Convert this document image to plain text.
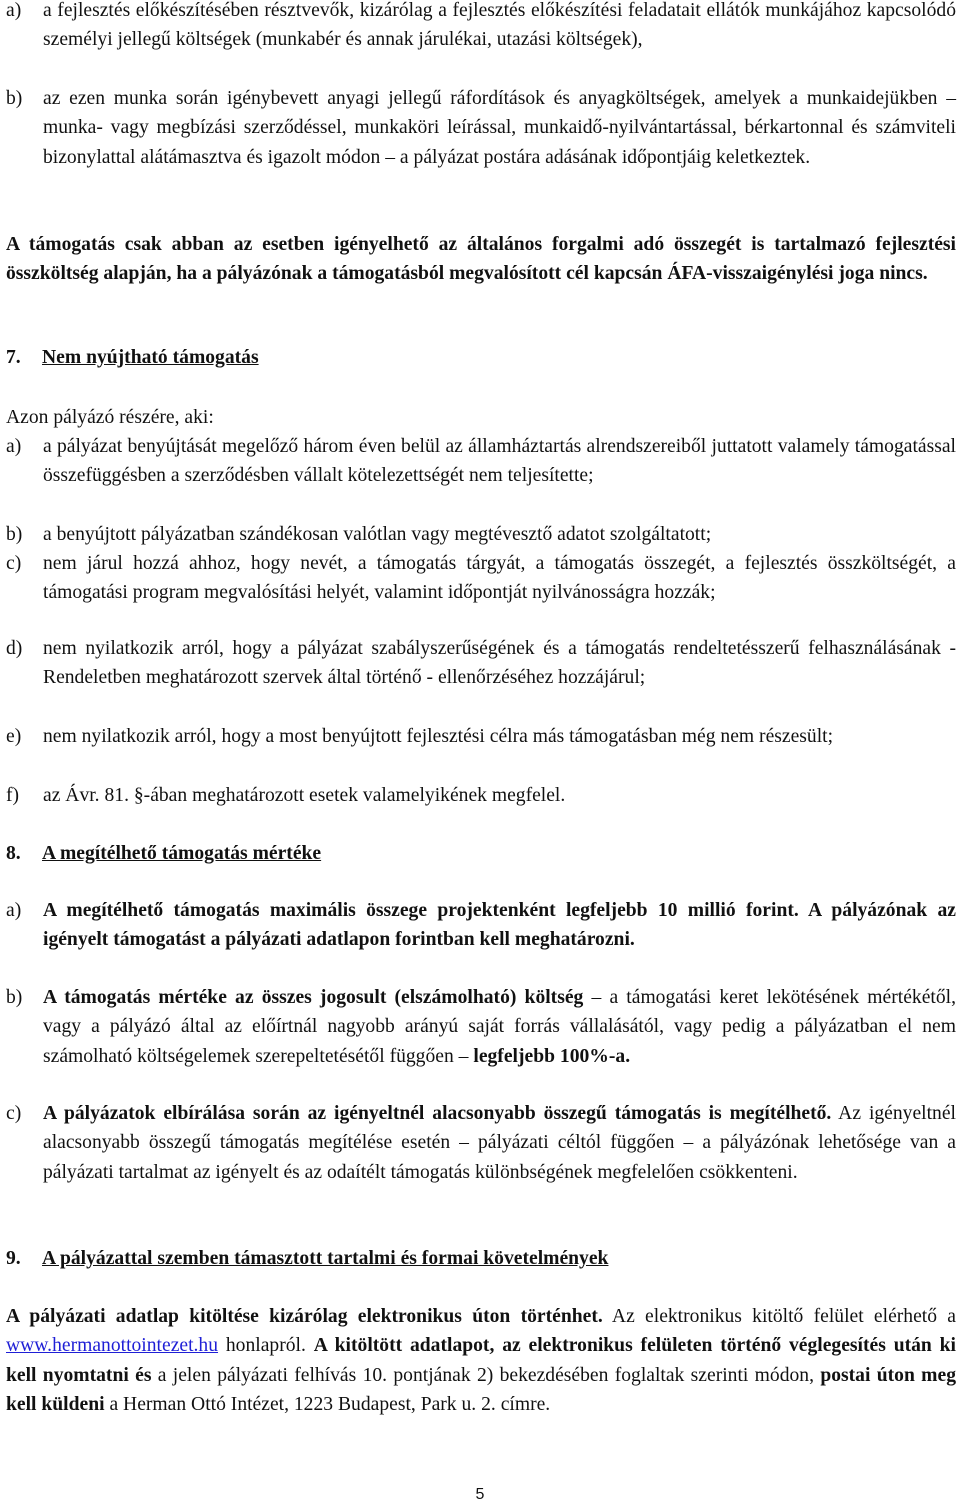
a) a fejlesztés előkészítésében résztvevők, kizárólag a fejlesztés előkészítési feladatait ellátók munkájához kapcsolódó személyi jellegű költségek (munkabér és annak járulékai, utazási költségek),
b) az ezen munka során igénybevett anyagi jellegű ráfordítások és anyagköltségek, amelyek a munkaidejükben – munka- vagy megbízási szerződéssel, munkaköri leírással, munkaidő-nyilvántartással, bérkartonnal és számviteli bizonylattal alátámasztva és igazolt módon – a pályázat postára adásának időpontjáig keletkeztek.
A támogatás csak abban az esetben igényelhető az általános forgalmi adó összegét is tartalmazó fejlesztési összköltség alapján, ha a pályázónak a támogatásból megvalósított cél kapcsán ÁFA-visszaigénylési joga nincs.
7. Nem nyújtható támogatás
Azon pályázó részére, aki:
a) a pályázat benyújtását megelőző három éven belül az államháztartás alrendszereiből juttatott valamely támogatással összefüggésben a szerződésben vállalt kötelezettségét nem teljesítette;
b) a benyújtott pályázatban szándékosan valótlan vagy megtévesztő adatot szolgáltatott;
c) nem járul hozzá ahhoz, hogy nevét, a támogatás tárgyát, a támogatás összegét, a fejlesztés összköltségét, a támogatási program megvalósítási helyét, valamint időpontját nyilvánosságra hozzák;
d) nem nyilatkozik arról, hogy a pályázat szabályszerűségének és a támogatás rendeltetésszerű felhasználásának - Rendeletben meghatározott szervek által történő - ellenőrzéséhez hozzájárul;
e) nem nyilatkozik arról, hogy a most benyújtott fejlesztési célra más támogatásban még nem részesült;
f) az Ávr. 81. §-ában meghatározott esetek valamelyikének megfelel.
8. A megítélhető támogatás mértéke
a) A megítélhető támogatás maximális összege projektenként legfeljebb 10 millió forint. A pályázónak az igényelt támogatást a pályázati adatlapon forintban kell meghatározni.
b) A támogatás mértéke az összes jogosult (elszámolható) költség – a támogatási keret lekötésének mértékétől, vagy a pályázó által az előírtnál nagyobb arányú saját forrás vállalásától, vagy pedig a pályázatban el nem számolható költségelemek szerepeltetésétől függően – legfeljebb 100%-a.
c) A pályázatok elbírálása során az igényeltnél alacsonyabb összegű támogatás is megítélhető. Az igényeltnél alacsonyabb összegű támogatás megítélése esetén – pályázati céltól függően – a pályázónak lehetősége van a pályázati tartalmat az igényelt és az odaítélt támogatás különbségének megfelelően csökkenteni.
9. A pályázattal szemben támasztott tartalmi és formai követelmények
A pályázati adatlap kitöltése kizárólag elektronikus úton történhet. Az elektronikus kitöltő felület elérhető a www.hermanottointezet.hu honlapról. A kitöltött adatlapot, az elektronikus felületen történő véglegesítés után ki kell nyomtatni és a jelen pályázati felhívás 10. pontjának 2) bekezdésében foglaltak szerinti módon, postai úton meg kell küldeni a Herman Ottó Intézet, 1223 Budapest, Park u. 2. címre.
5
